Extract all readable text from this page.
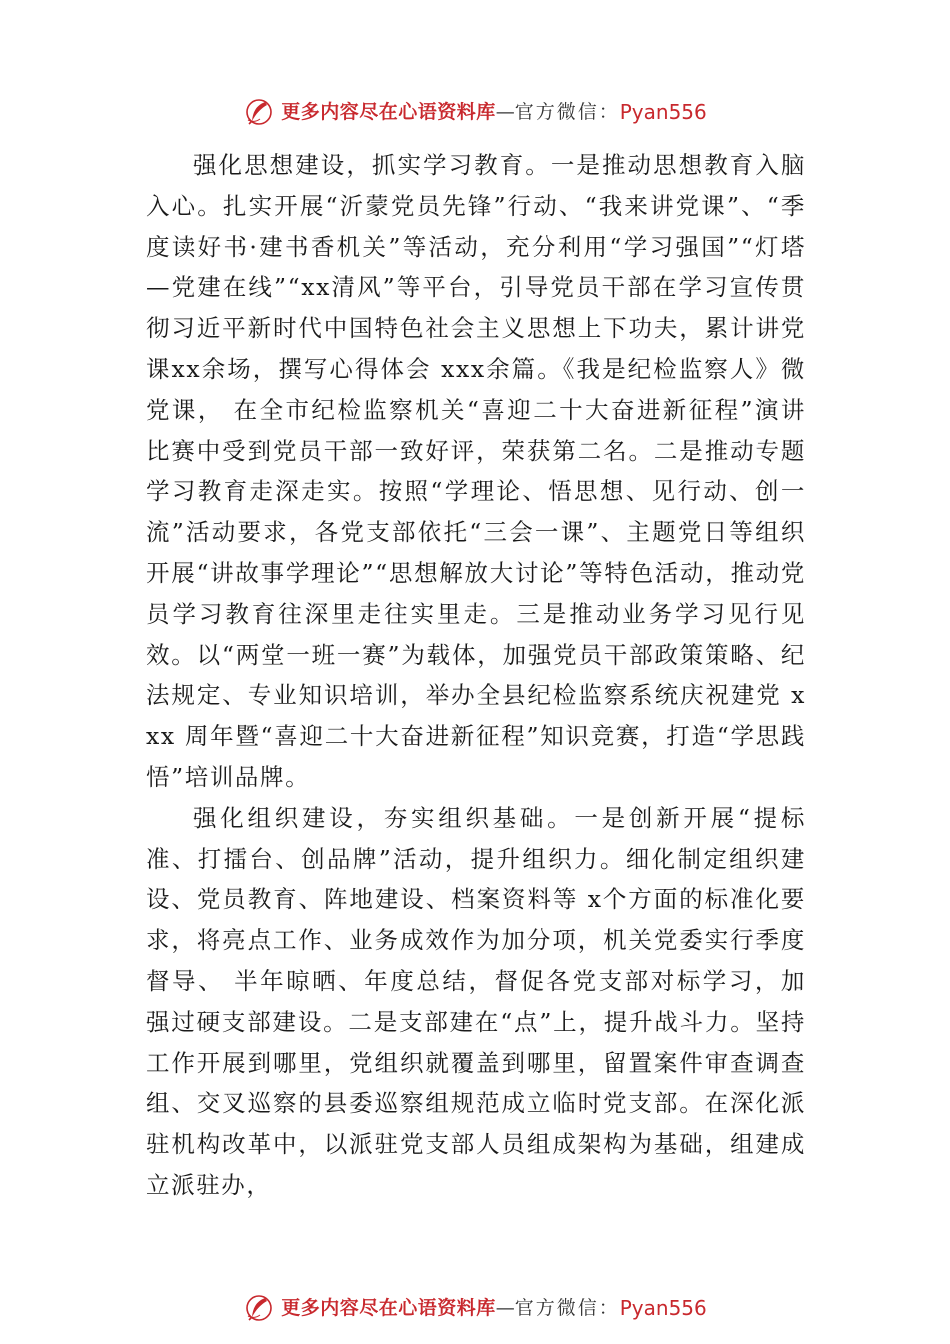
更多内容尽在心语资料库 — 官方微信： Pyan556

强化思想建设，抓实学习教育。一是推动思想教育入脑入心。扎实开展“沂蒙党员先锋”行动、“我来讲党课”、“季度读好书·建书香机关”等活动，充分利用“学习强国”“灯塔—党建在线”“xx清风”等平台，引导党员干部在学习宣传贯彻习近平新时代中国特色社会主义思想上下功夫，累计讲党课xx余场，撰写心得体会 xxx余篇。《我是纪检监察人》微党课， 在全市纪检监察机关“喜迎二十大奋进新征程”演讲比赛中受到党员干部一致好评，荣获第二名。二是推动专题学习教育走深走实。按照“学理论、悟思想、见行动、创一流”活动要求，各党支部依托“三会一课”、主题党日等组织开展“讲故事学理论”“思想解放大讨论”等特色活动，推动党员学习教育往深里走往实里走。三是推动业务学习见行见效。以“两堂一班一赛”为载体，加强党员干部政策策略、纪法规定、专业知识培训，举办全县纪检监察系统庆祝建党 xxx 周年暨“喜迎二十大奋进新征程”知识竞赛，打造“学思践悟”培训品牌。

强化组织建设，夯实组织基础。一是创新开展“提标准、打擂台、创品牌”活动，提升组织力。细化制定组织建设、党员教育、阵地建设、档案资料等 x个方面的标准化要求，将亮点工作、业务成效作为加分项，机关党委实行季度督导、 半年晾晒、年度总结，督促各党支部对标学习，加强过硬支部建设。二是支部建在“点”上，提升战斗力。坚持工作开展到哪里，党组织就覆盖到哪里，留置案件审查调查组、交叉巡察的县委巡察组规范成立临时党支部。在深化派驻机构改革中，以派驻党支部人员组成架构为基础，组建成立派驻办，

更多内容尽在心语资料库 — 官方微信： Pyan556
